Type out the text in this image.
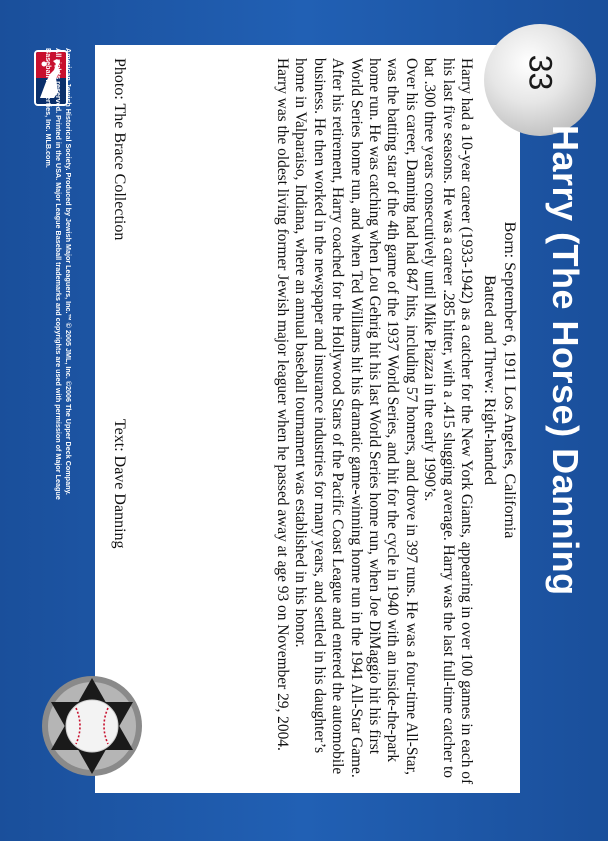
33
Harry (The Horse) Danning
Born: September 6, 1911 Los Angeles, California
Batted and Threw: Right-handed

Harry had a 10-year career (1933-1942) as a catcher for the New York Giants, appearing in over 100 games in each of his last five seasons. He was a career .285 hitter, with a .415 slugging average. Harry was the last full-time catcher to bat .300 three years consecutively until Mike Piazza in the early 1990’s.

Over his career, Danning had had 847 hits, including 57 homers, and drove in 397 runs. He was a four-time All-Star, was the batting star of the 4th game of the 1937 World Series, and hit for the cycle in 1940 with an inside-the-park home run. He was catching when Lou Gehrig hit his last World Series home run, when Joe DiMaggio hit his first World Series home run, and when Ted Williams hit his dramatic game-winning home run in the 1941 All-Star Game.

After his retirement, Harry coached for the Hollywood Stars of the Pacific Coast League and entered the automobile business. He then worked in the newspaper and insurance industries for many years, and settled in his daughter’s home in Valparaiso, Indiana, where an annual baseball tournament was established in his honor.

Harry was the oldest living former Jewish major leaguer when he passed away at age 93 on November 29, 2004.

Photo: The Brace Collection
Text: Dave Danning
American Jewish Historical Society. Produced by Jewish Major Leaguers, Inc.™ © 2005 JML, Inc. ©2006 The Upper Deck Company.
All rights reserved. Printed in the USA. Major League Baseball trademarks and copyrights are used with permission of Major League
Baseball Properties, Inc. MLB.com.
